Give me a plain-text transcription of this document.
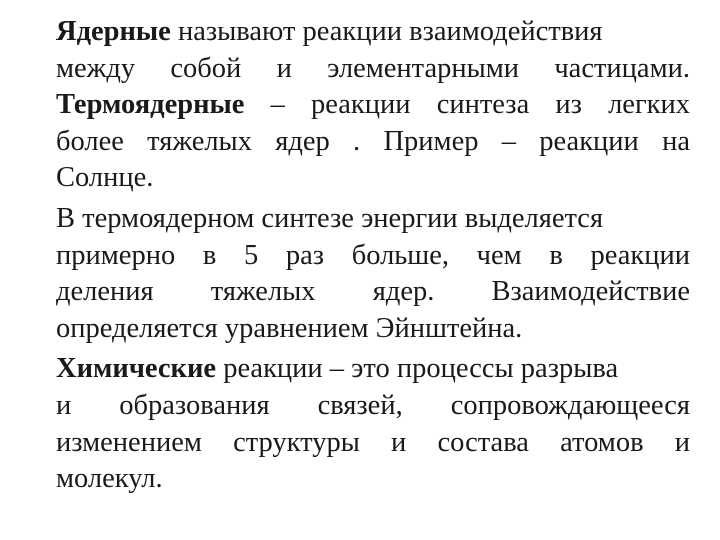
Ядерные называют реакции взаимодействия
между собой и элементарными частицами.
Термоядерные – реакции синтеза из легких
более тяжелых ядер . Пример – реакции на
Солнце.

В термоядерном синтезе энергии выделяется
примерно в 5 раз больше, чем в реакции
деления тяжелых ядер. Взаимодействие
определяется уравнением Эйнштейна.

Химические реакции – это процессы разрыва
и образования связей, сопровождающееся
изменением структуры и состава атомов и
молекул.
